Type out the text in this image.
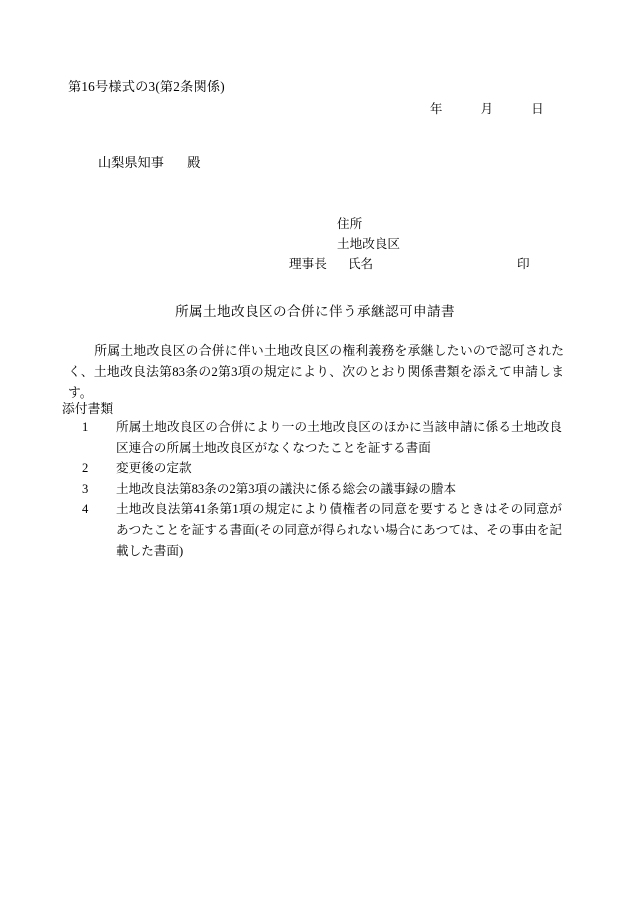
第16号様式の3(第2条関係)
年	月	日
山梨県知事 殿
住所
土地改良区
理事長 氏名	印
所属土地改良区の合併に伴う承継認可申請書
所属土地改良区の合併に伴い土地改良区の権利義務を承継したいので認可されたく、土地改良法第83条の2第3項の規定により、次のとおり関係書類を添えて申請します。
添付書類
1	所属土地改良区の合併により一の土地改良区のほかに当該申請に係る土地改良区連合の所属土地改良区がなくなつたことを証する書面
2	変更後の定款
3	土地改良法第83条の2第3項の議決に係る総会の議事録の謄本
4	土地改良法第41条第1項の規定により債権者の同意を要するときはその同意があつたことを証する書面(その同意が得られない場合にあつては、その事由を記載した書面)
